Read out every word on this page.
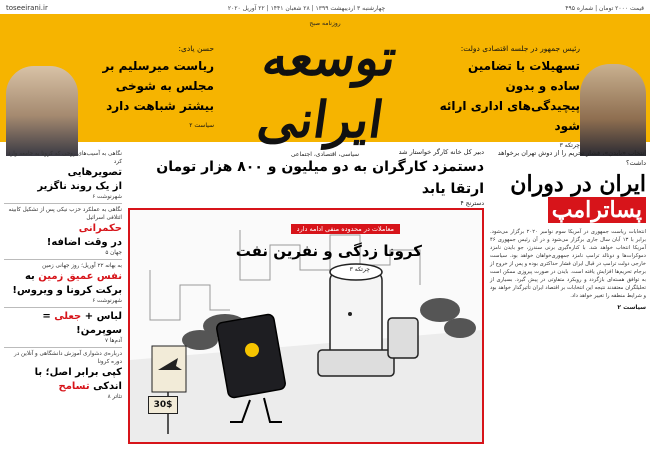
قیمت ۲۰۰۰ تومان | شماره ۴۹۵
چهارشنبه ۳ اردیبهشت ۱۳۹۹ | ۲۸ شعبان ۱۴۴۱ | ۲۲ آوریل ۲۰۲۰
toseeirani.ir
رئیس جمهور در جلسه اقتصادی دولت:
تسهیلات با تضامین ساده و بدون پیچیدگی‌های اداری ارائه شود
چرتکه ۳
روزنامه صبح
توسعه ایرانی
سیاسی، اقتصادی، اجتماعی
حسن یادی:
ریاست میرسلیم بر مجلس به شوخی بیشتر شباهت دارد
سیاست ۲
انتخاب «بایدن»، فشار تحریم را از دوش تهران برخواهد داشت؟
ایران در دوران
پساترامپ
انتخابات ریاست جمهوری در آمریکا سوم نوامبر ۲۰۲۰ برگزار می‌شود. برابر با ۱۳ آبان سال جاری برگزار می‌شود و در آن رئیس جمهوری ۴۶ آمریکا انتخاب خواهد شد. با کناره‌گیری برنی سندرز، جو بایدن نامزد دموکرات‌ها و دونالد ترامپ نامزد جمهوری‌خواهان خواهد بود. سیاست خارجی دولت ترامپ در قبال ایران فشار حداکثری بوده و پس از خروج از برجام تحریم‌ها افزایش یافته است. بایدن در صورت پیروزی ممکن است به توافق هسته‌ای بازگردد و رویکرد متفاوتی در پیش گیرد. بسیاری از تحلیلگران معتقدند نتیجه این انتخابات بر اقتصاد ایران تأثیرگذار خواهد بود و شرایط منطقه را تغییر خواهد داد.
سیاست ۲
دبیر کل خانه کارگر خواستار شد
دستمزد کارگران به دو میلیون و ۸۰۰ هزار تومان ارتقا یابد
دسترنج ۴
معاملات در محدوده منفی ادامه دارد
کرونا زدگی و نفرین نفت
چرتکه ۳
30$
نگاهی به آسیب‌های روحی که کرونا به جامعه وارد کرد
تصویرهایی
از یک روند ناگزیر
شهرنوشت ۶
نگاهی به عملکرد حزب نیکی پس از تشکیل کابینه ائتلافی اسرائیل
حکمرانی
در وقت اضافه!
جهان ۵
به بهانه ۲۲ آوریل؛ روز جهانی زمین
نفس عمیق زمین به برکت کرونا و ویروس!
شهرنوشت ۶
لباس + جعلی = سوپرمن!
آدم‌ها ۷
درباره‌ی دشواری آموزش دانشگاهی و آنلاین در دوره کرونا
کپی برابر اصل؛ با اندکی تسامح
تئاتر ۸
